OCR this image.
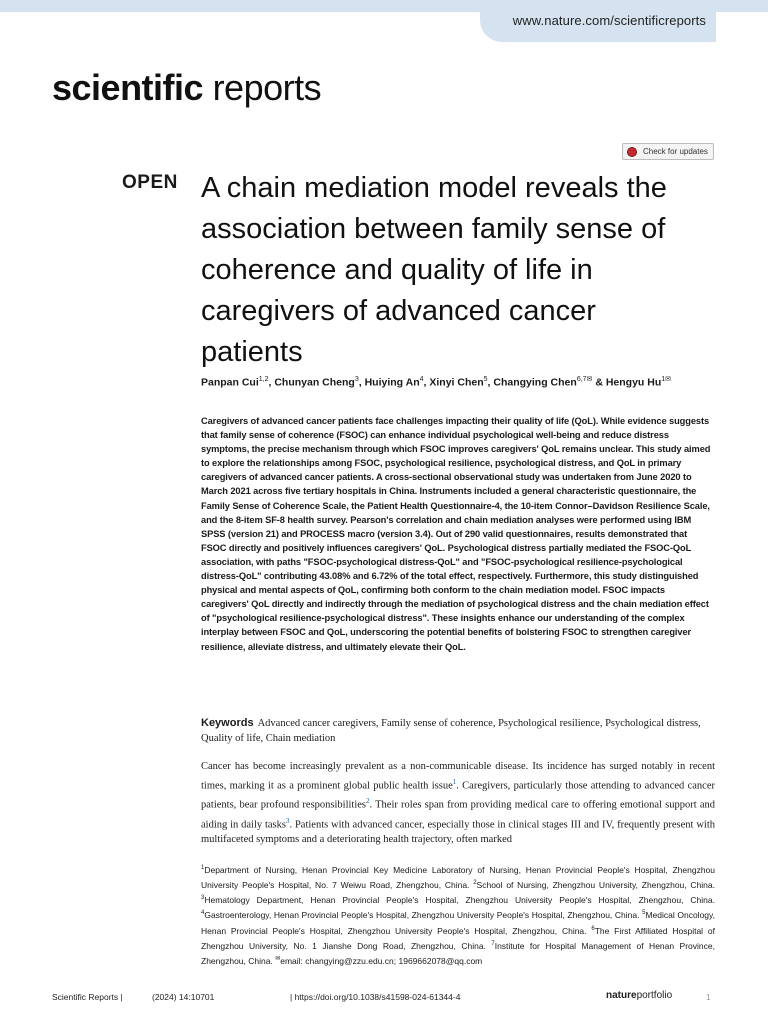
www.nature.com/scientificreports
scientific reports
Check for updates
OPEN A chain mediation model reveals the association between family sense of coherence and quality of life in caregivers of advanced cancer patients
Panpan Cui$^{1,2}$, Chunyan Cheng$^3$, Huiying An$^4$, Xinyi Chen$^5$, Changying Chen$^{6,7✉}$ & Hengyu $Hu^{1✉}$

Caregivers of advanced cancer patients face challenges impacting their quality of life (QoL). While evidence suggests that family sense of coherence (FSOC) can enhance individual psychological well-being and reduce distress symptoms, the precise mechanism through which FSOC improves caregivers' QoL remains unclear. This study aimed to explore the relationships among FSOC, psychological resilience, psychological distress, and QoL in primary caregivers of advanced cancer patients. A cross-sectional observational study was undertaken from June 2020 to March 2021 across five tertiary hospitals in China. Instruments included a general characteristic questionnaire, the Family Sense of Coherence Scale, the Patient Health Questionnaire-4, the 10-item Connor–Davidson Resilience Scale, and the 8-item SF-8 health survey. Pearson's correlation and chain mediation analyses were performed using IBM SPSS (version 21) and PROCESS macro (version 3.4). Out of 290 valid questionnaires, results demonstrated that FSOC directly and positively influences caregivers' QoL. Psychological distress partially mediated the FSOC-QoL association, with paths "FSOC-psychological distress-QoL" and "FSOC-psychological resilience-psychological distress-QoL" contributing 43.08% and 6.72% of the total effect, respectively. Furthermore, this study distinguished physical and mental aspects of QoL, confirming both conform to the chain mediation model. FSOC impacts caregivers' QoL directly and indirectly through the mediation of psychological distress and the chain mediation effect of "psychological resilience-psychological distress". These insights enhance our understanding of the complex interplay between FSOC and QoL, underscoring the potential benefits of bolstering FSOC to strengthen caregiver resilience, alleviate distress, and ultimately elevate their QoL.

Keywords Advanced cancer caregivers, Family sense of coherence, Psychological resilience, Psychological distress, Quality of life, Chain mediation

Cancer has become increasingly prevalent as a non-communicable disease. Its incidence has surged notably in recent times, marking it as a prominent global public health issue$^1$. Caregivers, particularly those attending to advanced cancer patients, bear profound responsibilities$^2$. Their roles span from providing medical care to offering emotional support and aiding in daily tasks$^3$. Patients with advanced cancer, especially those in clinical stages III and IV, frequently present with multifaceted symptoms and a deteriorating health trajectory, often marked

$^1$Department of Nursing, Henan Provincial Key Medicine Laboratory of Nursing, Henan Provincial People's Hospital, Zhengzhou University People's Hospital, No. 7 Weiwu Road, Zhengzhou, China. $^2$School of Nursing, Zhengzhou University, Zhengzhou, China. $^3$Hematology Department, Henan Provincial People's Hospital, Zhengzhou University People's Hospital, Zhengzhou, China. $^4$Gastroenterology, Henan Provincial People's Hospital, Zhengzhou University People's Hospital, Zhengzhou, China. $^5$Medical Oncology, Henan Provincial People's Hospital, Zhengzhou University People's Hospital, Zhengzhou, China. $^6$The First Affiliated Hospital of Zhengzhou University, No. 1 Jianshe Dong Road, Zhengzhou, China. $^7$Institute for Hospital Management of Henan Province, Zhengzhou, China. ✉email: changying@zzu.edu.cn; 1969662078@qq.com

Scientific Reports |	(2024) 14:10701	| https://doi.org/10.1038/s41598-024-61344-4	natureportfolio	1
